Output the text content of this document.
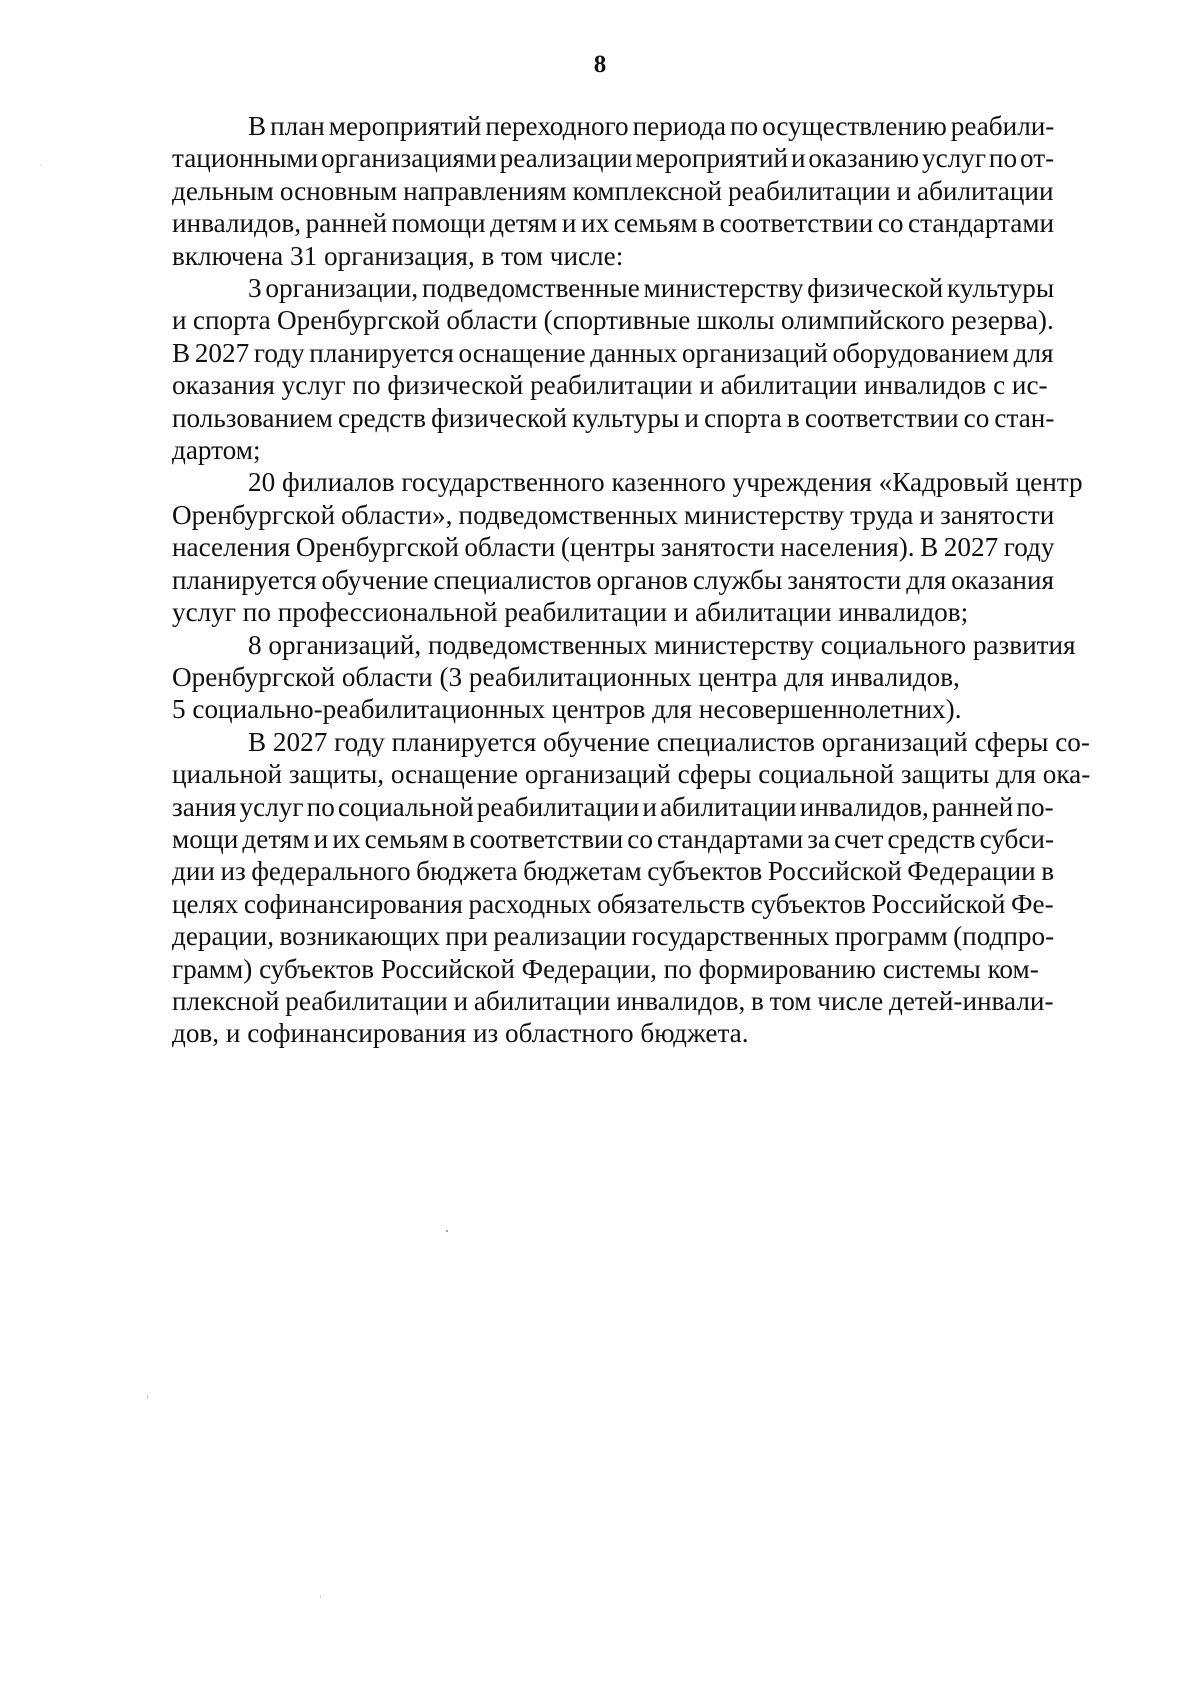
8

В план мероприятий переходного периода по осуществлению реабили-
тационными организациями реализации мероприятий и оказанию услуг по от-
дельным основным направлениям комплексной реабилитации и абилитации
инвалидов, ранней помощи детям и их семьям в соответствии со стандартами
включена 31 организация, в том числе:

3 организации, подведомственные министерству физической культуры
и спорта Оренбургской области (спортивные школы олимпийского резерва).
В 2027 году планируется оснащение данных организаций оборудованием для
оказания услуг по физической реабилитации и абилитации инвалидов с ис-
пользованием средств физической культуры и спорта в соответствии со стан-
дартом;

20 филиалов государственного казенного учреждения «Кадровый центр
Оренбургской области», подведомственных министерству труда и занятости
населения Оренбургской области (центры занятости населения). В 2027 году
планируется обучение специалистов органов службы занятости для оказания
услуг по профессиональной реабилитации и абилитации инвалидов;

8 организаций, подведомственных министерству социального развития
Оренбургской области (3 реабилитационных центра для инвалидов,
5 социально-реабилитационных центров для несовершеннолетних).

В 2027 году планируется обучение специалистов организаций сферы со-
циальной защиты, оснащение организаций сферы социальной защиты для ока-
зания услуг по социальной реабилитации и абилитации инвалидов, ранней по-
мощи детям и их семьям в соответствии со стандартами за счет средств субси-
дии из федерального бюджета бюджетам субъектов Российской Федерации в
целях софинансирования расходных обязательств субъектов Российской Фе-
дерации, возникающих при реализации государственных программ (подпро-
грамм) субъектов Российской Федерации, по формированию системы ком-
плексной реабилитации и абилитации инвалидов, в том числе детей-инвали-
дов, и софинансирования из областного бюджета.
